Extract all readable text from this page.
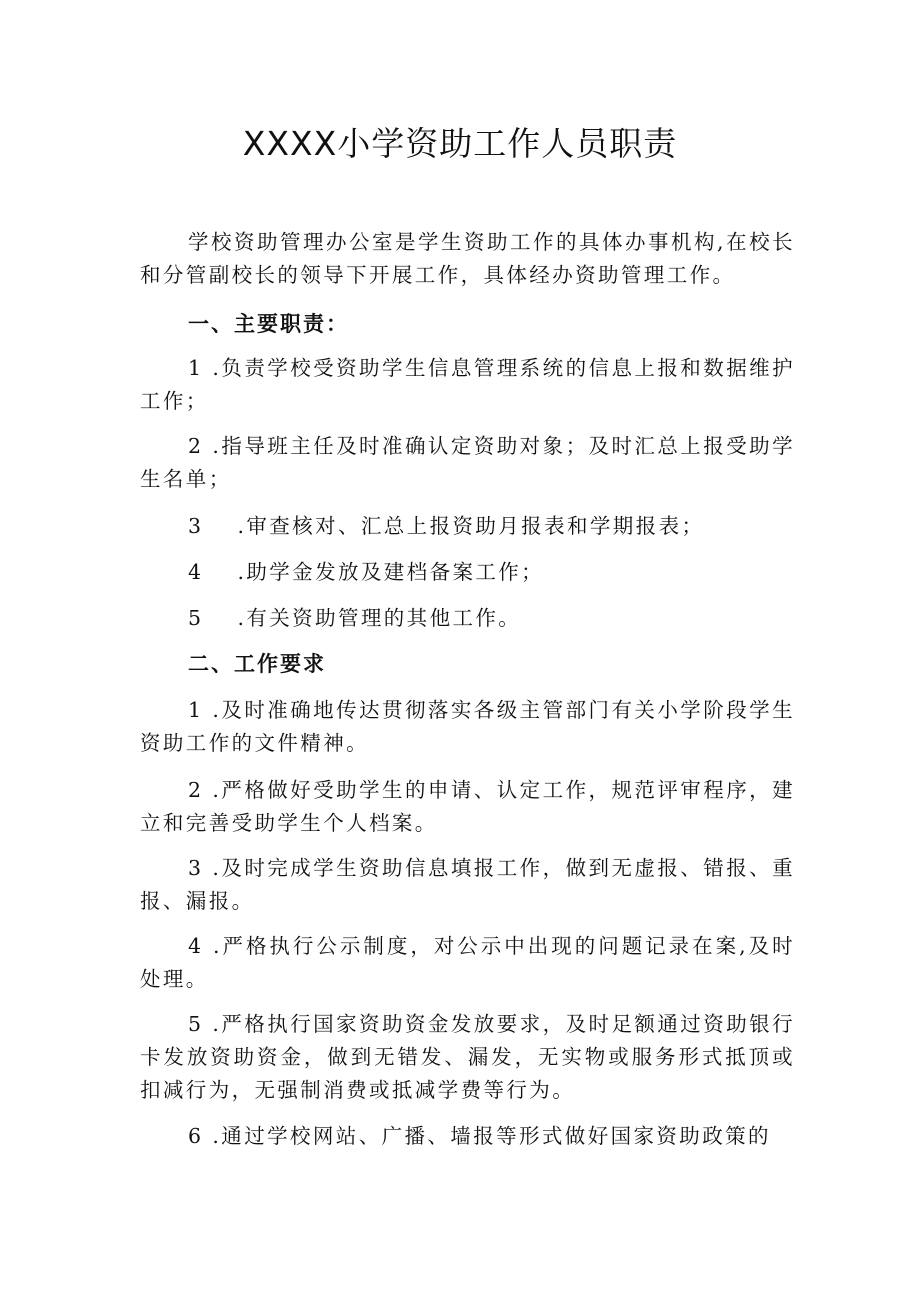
XXXX小学资助工作人员职责

学校资助管理办公室是学生资助工作的具体办事机构,在校长和分管副校长的领导下开展工作，具体经办资助管理工作。

一、主要职责：

1 .负责学校受资助学生信息管理系统的信息上报和数据维护工作；

2 .指导班主任及时准确认定资助对象；及时汇总上报受助学生名单；

3 .审查核对、汇总上报资助月报表和学期报表；

4 .助学金发放及建档备案工作；

5 .有关资助管理的其他工作。

二、工作要求

1 .及时准确地传达贯彻落实各级主管部门有关小学阶段学生资助工作的文件精神。

2 .严格做好受助学生的申请、认定工作，规范评审程序，建立和完善受助学生个人档案。

3 .及时完成学生资助信息填报工作，做到无虚报、错报、重报、漏报。

4 .严格执行公示制度，对公示中出现的问题记录在案,及时处理。

5 .严格执行国家资助资金发放要求，及时足额通过资助银行卡发放资助资金，做到无错发、漏发，无实物或服务形式抵顶或扣减行为，无强制消费或抵减学费等行为。

6 .通过学校网站、广播、墙报等形式做好国家资助政策的
